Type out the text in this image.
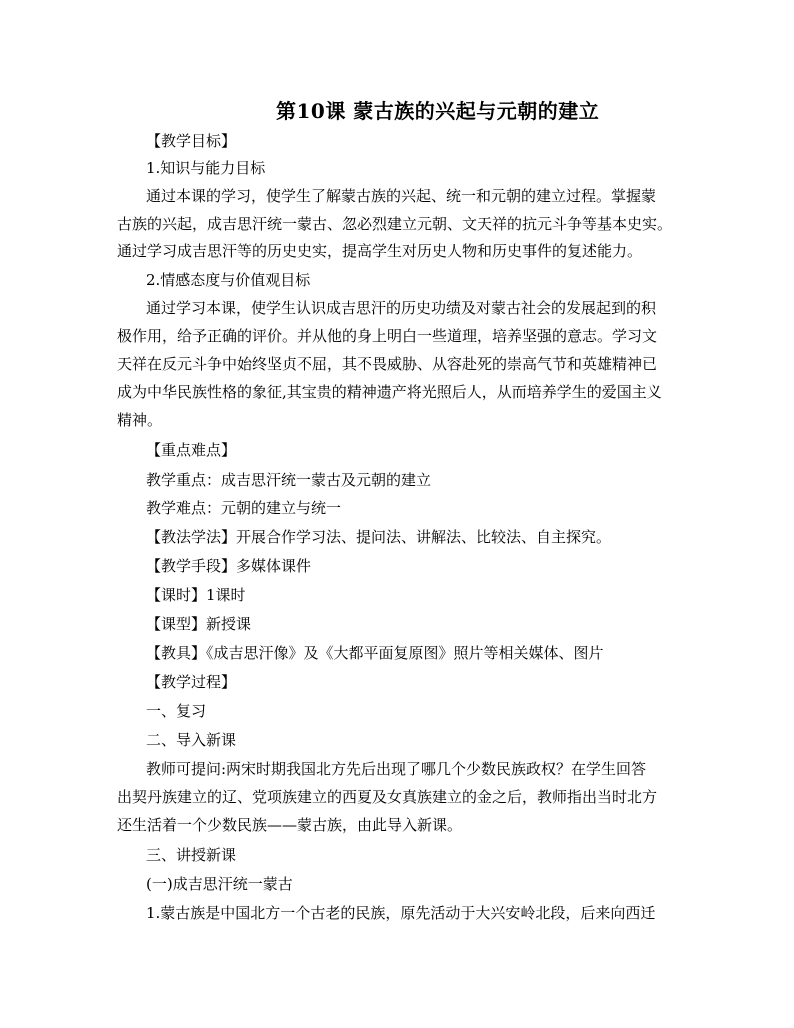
第10课 蒙古族的兴起与元朝的建立
【教学目标】
1.知识与能力目标
通过本课的学习，使学生了解蒙古族的兴起、统一和元朝的建立过程。掌握蒙
古族的兴起，成吉思汗统一蒙古、忽必烈建立元朝、文天祥的抗元斗争等基本史实。
通过学习成吉思汗等的历史史实，提高学生对历史人物和历史事件的复述能力。
2.情感态度与价值观目标
通过学习本课，使学生认识成吉思汗的历史功绩及对蒙古社会的发展起到的积
极作用，给予正确的评价。并从他的身上明白一些道理，培养坚强的意志。学习文
天祥在反元斗争中始终坚贞不屈，其不畏威胁、从容赴死的崇高气节和英雄精神已
成为中华民族性格的象征,其宝贵的精神遗产将光照后人，从而培养学生的爱国主义
精神。
【重点难点】
教学重点：成吉思汗统一蒙古及元朝的建立
教学难点：元朝的建立与统一
【教法学法】开展合作学习法、提问法、讲解法、比较法、自主探究。
【教学手段】多媒体课件
【课时】1课时
【课型】新授课
【教具】《成吉思汗像》及《大都平面复原图》照片等相关媒体、图片
【教学过程】
一、复习
二、导入新课
教师可提问:两宋时期我国北方先后出现了哪几个少数民族政权？在学生回答
出契丹族建立的辽、党项族建立的西夏及女真族建立的金之后，教师指出当时北方
还生活着一个少数民族——蒙古族，由此导入新课。
三、讲授新课
(一)成吉思汗统一蒙古
1.蒙古族是中国北方一个古老的民族，原先活动于大兴安岭北段，后来向西迁
